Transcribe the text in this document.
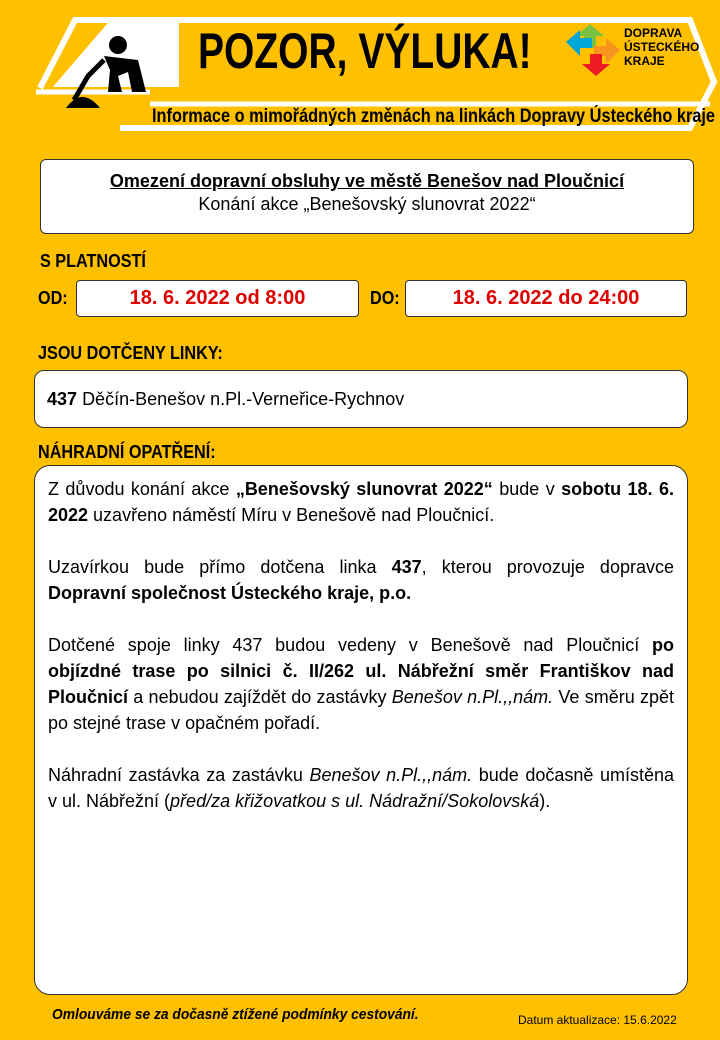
POZOR, VÝLUKA!
Informace o mimořádných změnách na linkách Dopravy Ústeckého kraje
DOPRAVA
ÚSTECKÉHO
KRAJE
Omezení dopravní obsluhy ve městě Benešov nad Ploučnicí
Konání akce „Benešovský slunovrat 2022“
S PLATNOSTÍ
OD:	18. 6. 2022 od 8:00	DO:	18. 6. 2022 do 24:00
JSOU DOTČENY LINKY:
437 Děčín-Benešov n.Pl.-Verneřice-Rychnov
NÁHRADNÍ OPATŘENÍ:

Z důvodu konání akce „Benešovský slunovrat 2022“ bude v sobotu 18. 6. 2022 uzavřeno náměstí Míru v Benešově nad Ploučnicí.

Uzavírkou bude přímo dotčena linka 437, kterou provozuje dopravce Dopravní společnost Ústeckého kraje, p.o.

Dotčené spoje linky 437 budou vedeny v Benešově nad Ploučnicí po objízdné trase po silnici č. II/262 ul. Nábřežní směr Františkov nad Ploučnicí a nebudou zajíždět do zastávky Benešov n.Pl.,,nám. Ve směru zpět po stejné trase v opačném pořadí.

Náhradní zastávka za zastávku Benešov n.Pl.,,nám. bude dočasně umístěna v ul. Nábřežní (před/za křižovatkou s ul. Nádražní/Sokolovská).

Omlouváme se za dočasně ztížené podmínky cestování.	Datum aktualizace: 15.6.2022
